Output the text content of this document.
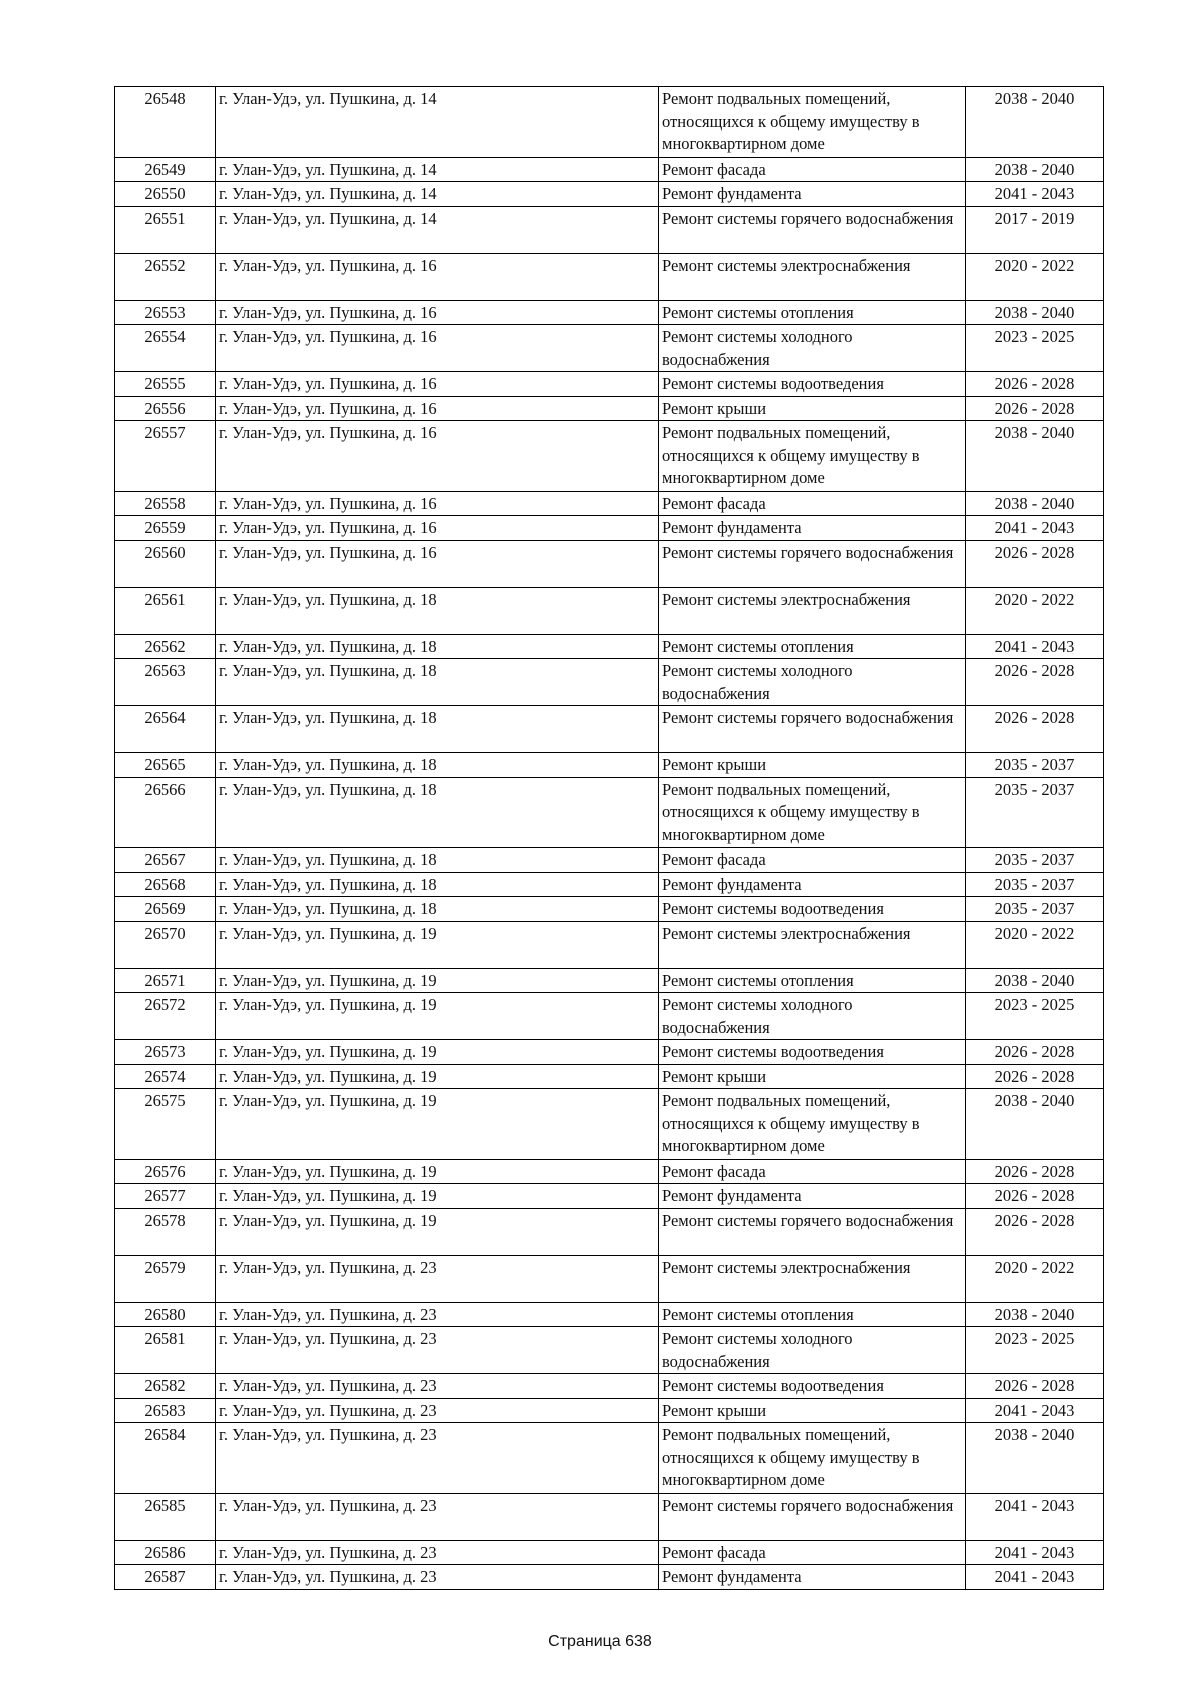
26548	г. Улан-Удэ, ул. Пушкина, д. 14	Ремонт подвальных помещений, относящихся к общему имуществу в многоквартирном доме	2038 - 2040
26549	г. Улан-Удэ, ул. Пушкина, д. 14	Ремонт фасада	2038 - 2040
26550	г. Улан-Удэ, ул. Пушкина, д. 14	Ремонт фундамента	2041 - 2043
26551	г. Улан-Удэ, ул. Пушкина, д. 14	Ремонт системы горячего водоснабжения	2017 - 2019
26552	г. Улан-Удэ, ул. Пушкина, д. 16	Ремонт системы электроснабжения	2020 - 2022
26553	г. Улан-Удэ, ул. Пушкина, д. 16	Ремонт системы отопления	2038 - 2040
26554	г. Улан-Удэ, ул. Пушкина, д. 16	Ремонт системы холодного водоснабжения	2023 - 2025
26555	г. Улан-Удэ, ул. Пушкина, д. 16	Ремонт системы водоотведения	2026 - 2028
26556	г. Улан-Удэ, ул. Пушкина, д. 16	Ремонт крыши	2026 - 2028
26557	г. Улан-Удэ, ул. Пушкина, д. 16	Ремонт подвальных помещений, относящихся к общему имуществу в многоквартирном доме	2038 - 2040
26558	г. Улан-Удэ, ул. Пушкина, д. 16	Ремонт фасада	2038 - 2040
26559	г. Улан-Удэ, ул. Пушкина, д. 16	Ремонт фундамента	2041 - 2043
26560	г. Улан-Удэ, ул. Пушкина, д. 16	Ремонт системы горячего водоснабжения	2026 - 2028
26561	г. Улан-Удэ, ул. Пушкина, д. 18	Ремонт системы электроснабжения	2020 - 2022
26562	г. Улан-Удэ, ул. Пушкина, д. 18	Ремонт системы отопления	2041 - 2043
26563	г. Улан-Удэ, ул. Пушкина, д. 18	Ремонт системы холодного водоснабжения	2026 - 2028
26564	г. Улан-Удэ, ул. Пушкина, д. 18	Ремонт системы горячего водоснабжения	2026 - 2028
26565	г. Улан-Удэ, ул. Пушкина, д. 18	Ремонт крыши	2035 - 2037
26566	г. Улан-Удэ, ул. Пушкина, д. 18	Ремонт подвальных помещений, относящихся к общему имуществу в многоквартирном доме	2035 - 2037
26567	г. Улан-Удэ, ул. Пушкина, д. 18	Ремонт фасада	2035 - 2037
26568	г. Улан-Удэ, ул. Пушкина, д. 18	Ремонт фундамента	2035 - 2037
26569	г. Улан-Удэ, ул. Пушкина, д. 18	Ремонт системы водоотведения	2035 - 2037
26570	г. Улан-Удэ, ул. Пушкина, д. 19	Ремонт системы электроснабжения	2020 - 2022
26571	г. Улан-Удэ, ул. Пушкина, д. 19	Ремонт системы отопления	2038 - 2040
26572	г. Улан-Удэ, ул. Пушкина, д. 19	Ремонт системы холодного водоснабжения	2023 - 2025
26573	г. Улан-Удэ, ул. Пушкина, д. 19	Ремонт системы водоотведения	2026 - 2028
26574	г. Улан-Удэ, ул. Пушкина, д. 19	Ремонт крыши	2026 - 2028
26575	г. Улан-Удэ, ул. Пушкина, д. 19	Ремонт подвальных помещений, относящихся к общему имуществу в многоквартирном доме	2038 - 2040
26576	г. Улан-Удэ, ул. Пушкина, д. 19	Ремонт фасада	2026 - 2028
26577	г. Улан-Удэ, ул. Пушкина, д. 19	Ремонт фундамента	2026 - 2028
26578	г. Улан-Удэ, ул. Пушкина, д. 19	Ремонт системы горячего водоснабжения	2026 - 2028
26579	г. Улан-Удэ, ул. Пушкина, д. 23	Ремонт системы электроснабжения	2020 - 2022
26580	г. Улан-Удэ, ул. Пушкина, д. 23	Ремонт системы отопления	2038 - 2040
26581	г. Улан-Удэ, ул. Пушкина, д. 23	Ремонт системы холодного водоснабжения	2023 - 2025
26582	г. Улан-Удэ, ул. Пушкина, д. 23	Ремонт системы водоотведения	2026 - 2028
26583	г. Улан-Удэ, ул. Пушкина, д. 23	Ремонт крыши	2041 - 2043
26584	г. Улан-Удэ, ул. Пушкина, д. 23	Ремонт подвальных помещений, относящихся к общему имуществу в многоквартирном доме	2038 - 2040
26585	г. Улан-Удэ, ул. Пушкина, д. 23	Ремонт системы горячего водоснабжения	2041 - 2043
26586	г. Улан-Удэ, ул. Пушкина, д. 23	Ремонт фасада	2041 - 2043
26587	г. Улан-Удэ, ул. Пушкина, д. 23	Ремонт фундамента	2041 - 2043
Страница 638
